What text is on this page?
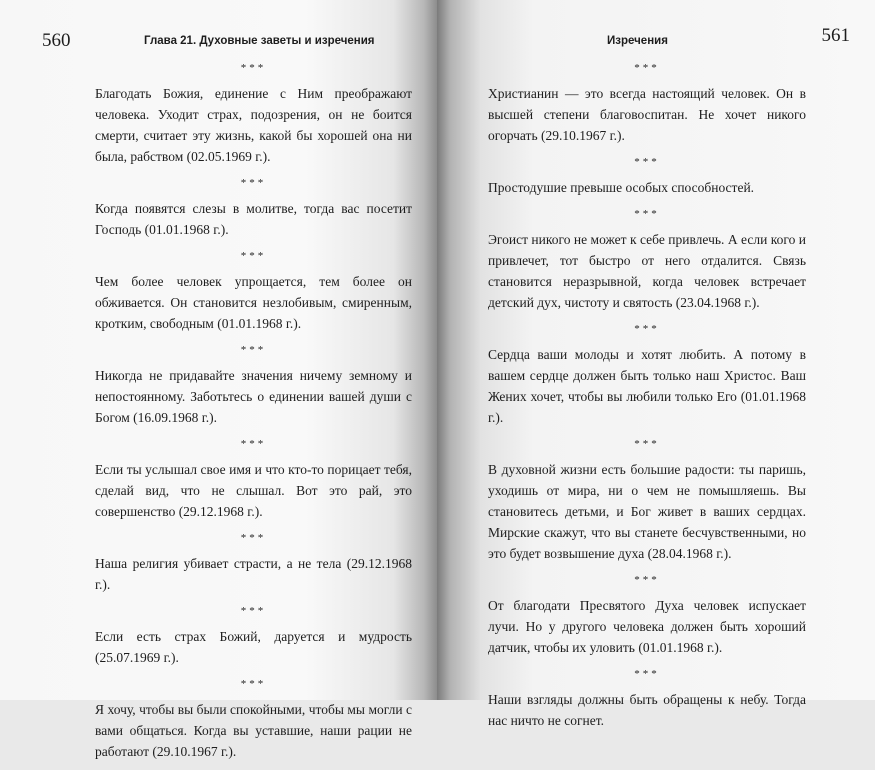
560	Глава 21. Духовные заветы и изречения
***

Благодать Божия, единение с Ним преображают человека. Уходит страх, подозрения, он не боится смерти, считает эту жизнь, какой бы хорошей она ни была, рабством (02.05.1969 г.).

***

Когда появятся слезы в молитве, тогда вас посетит Господь (01.01.1968 г.).

***

Чем более человек упрощается, тем более он обживается. Он становится незлобивым, смиренным, кротким, свободным (01.01.1968 г.).

***

Никогда не придавайте значения ничему земному и непостоянному. Заботьтесь о единении вашей души с Богом (16.09.1968 г.).

***

Если ты услышал свое имя и что кто-то порицает тебя, сделай вид, что не слышал. Вот это рай, это совершенство (29.12.1968 г.).

***

Наша религия убивает страсти, а не тела (29.12.1968 г.).

***

Если есть страх Божий, даруется и мудрость (25.07.1969 г.).

***

Я хочу, чтобы вы были спокойными, чтобы мы могли с вами общаться. Когда вы уставшие, наши рации не работают (29.10.1967 г.).

Изречения	561
***

Христианин — это всегда настоящий человек. Он в высшей степени благовоспитан. Не хочет никого огорчать (29.10.1967 г.).

***

Простодушие превыше особых способностей.

***

Эгоист никого не может к себе привлечь. А если кого и привлечет, тот быстро от него отдалится. Связь становится неразрывной, когда человек встречает детский дух, чистоту и святость (23.04.1968 г.).

***

Сердца ваши молоды и хотят любить. А потому в вашем сердце должен быть только наш Христос. Ваш Жених хочет, чтобы вы любили только Его (01.01.1968 г.).

***

В духовной жизни есть большие радости: ты паришь, уходишь от мира, ни о чем не помышляешь. Вы становитесь детьми, и Бог живет в ваших сердцах. Мирские скажут, что вы станете бесчувственными, но это будет возвышение духа (28.04.1968 г.).

***

От благодати Пресвятого Духа человек испускает лучи. Но у другого человека должен быть хороший датчик, чтобы их уловить (01.01.1968 г.).

***

Наши взгляды должны быть обращены к небу. Тогда нас ничто не согнет.
